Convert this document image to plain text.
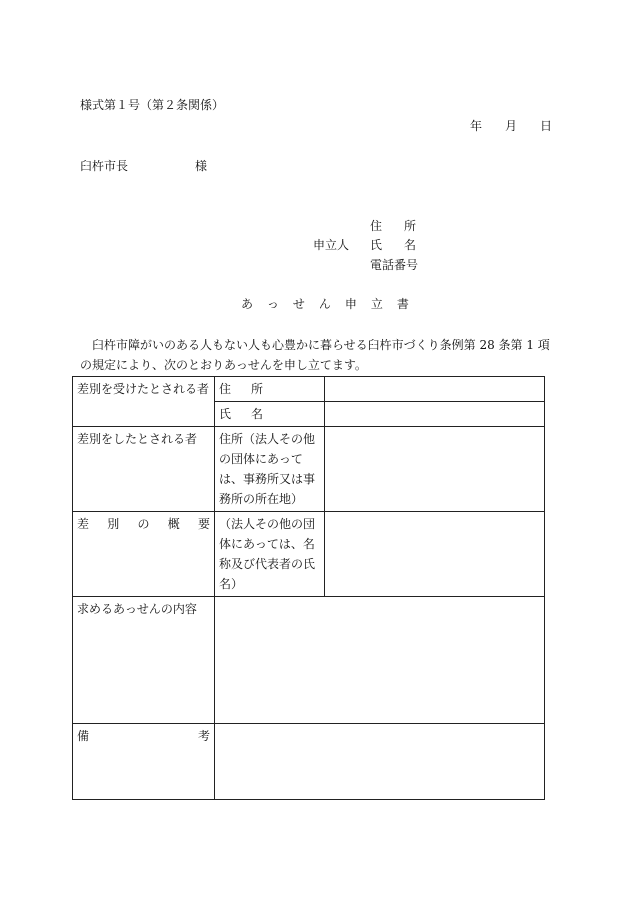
様式第１号（第２条関係）
年 月 日
臼杵市長	様
住 所
申立人 氏 名
電話番号
あっせん申立書
臼杵市障がいのある人もない人も心豊かに暮らせる臼杵市づくり条例第 28 条第 1 項の規定により、次のとおりあっせんを申し立てます。
差別を受けたとされる者	住 所	

	氏 名	

差別をしたとされる者	住所（法人その他の団体にあっては、事務所又は事務所の所在地）	

差 別 の 概 要	（法人その他の団体にあっては、名称及び代表者の氏名）	
求めるあっせんの内容		

備 考		
